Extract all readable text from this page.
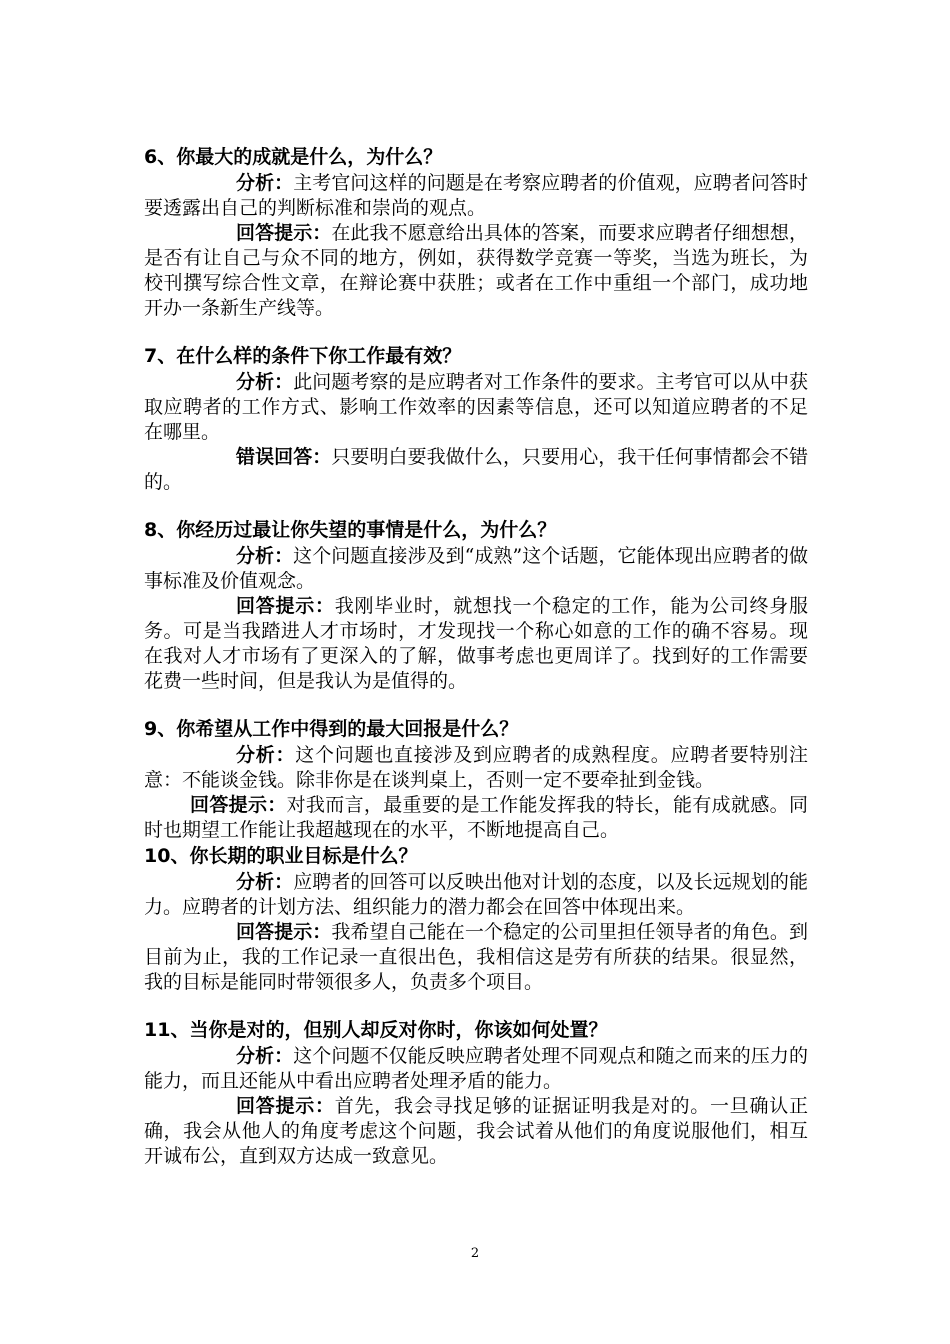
6、你最大的成就是什么，为什么？

分析：主考官问这样的问题是在考察应聘者的价值观，应聘者问答时要透露出自己的判断标准和崇尚的观点。

回答提示：在此我不愿意给出具体的答案，而要求应聘者仔细想想，是否有让自己与众不同的地方，例如，获得数学竞赛一等奖，当选为班长，为校刊撰写综合性文章，在辩论赛中获胜；或者在工作中重组一个部门，成功地开办一条新生产线等。

7、在什么样的条件下你工作最有效？

分析：此问题考察的是应聘者对工作条件的要求。主考官可以从中获取应聘者的工作方式、影响工作效率的因素等信息，还可以知道应聘者的不足在哪里。

错误回答：只要明白要我做什么，只要用心，我干任何事情都会不错的。

8、你经历过最让你失望的事情是什么，为什么？

分析：这个问题直接涉及到“成熟”这个话题，它能体现出应聘者的做事标准及价值观念。

回答提示：我刚毕业时，就想找一个稳定的工作，能为公司终身服务。可是当我踏进人才市场时，才发现找一个称心如意的工作的确不容易。现在我对人才市场有了更深入的了解，做事考虑也更周详了。找到好的工作需要花费一些时间，但是我认为是值得的。

9、你希望从工作中得到的最大回报是什么？

分析：这个问题也直接涉及到应聘者的成熟程度。应聘者要特别注意：不能谈金钱。除非你是在谈判桌上，否则一定不要牵扯到金钱。

回答提示：对我而言，最重要的是工作能发挥我的特长，能有成就感。同时也期望工作能让我超越现在的水平，不断地提高自己。

10、你长期的职业目标是什么？

分析：应聘者的回答可以反映出他对计划的态度，以及长远规划的能力。应聘者的计划方法、组织能力的潜力都会在回答中体现出来。

回答提示：我希望自己能在一个稳定的公司里担任领导者的角色。到目前为止，我的工作记录一直很出色，我相信这是劳有所获的结果。很显然，我的目标是能同时带领很多人，负责多个项目。

11、当你是对的，但别人却反对你时，你该如何处置？

分析：这个问题不仅能反映应聘者处理不同观点和随之而来的压力的能力，而且还能从中看出应聘者处理矛盾的能力。

回答提示：首先，我会寻找足够的证据证明我是对的。一旦确认正确，我会从他人的角度考虑这个问题，我会试着从他们的角度说服他们，相互开诚布公，直到双方达成一致意见。

2
